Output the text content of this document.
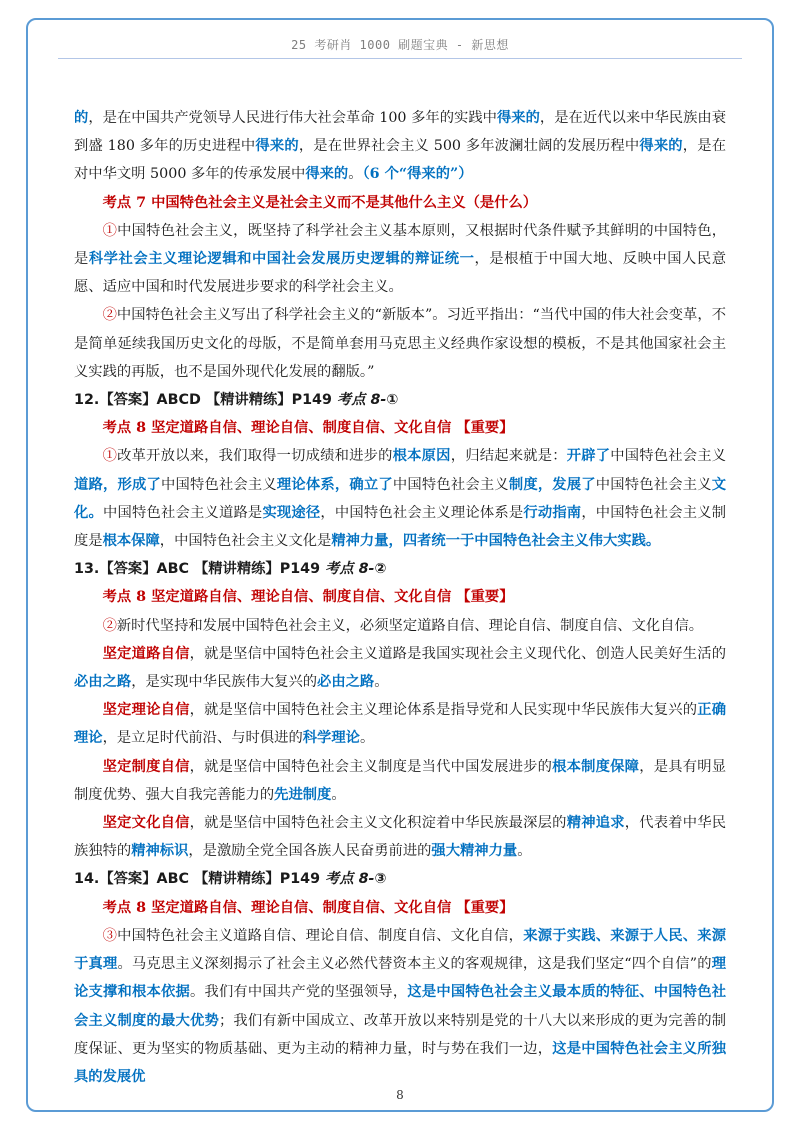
25 考研肖 1000 刷题宝典 - 新思想

的，是在中国共产党领导人民进行伟大社会革命 100 多年的实践中得来的，是在近代以来中华民族由衰到盛 180 多年的历史进程中得来的，是在世界社会主义 500 多年波澜壮阔的发展历程中得来的，是在对中华文明 5000 多年的传承发展中得来的。（6 个“得来的”）

考点 7 中国特色社会主义是社会主义而不是其他什么主义（是什么）

①中国特色社会主义，既坚持了科学社会主义基本原则，又根据时代条件赋予其鲜明的中国特色，是科学社会主义理论逻辑和中国社会发展历史逻辑的辩证统一，是根植于中国大地、反映中国人民意愿、适应中国和时代发展进步要求的科学社会主义。

②中国特色社会主义写出了科学社会主义的“新版本”。习近平指出：“当代中国的伟大社会变革，不是简单延续我国历史文化的母版，不是简单套用马克思主义经典作家设想的模板，不是其他国家社会主义实践的再版，也不是国外现代化发展的翻版。”

12.【答案】ABCD 【精讲精练】P149 考点 8-①

考点 8 坚定道路自信、理论自信、制度自信、文化自信 【重要】

①改革开放以来，我们取得一切成绩和进步的根本原因，归结起来就是：开辟了中国特色社会主义道路，形成了中国特色社会主义理论体系，确立了中国特色社会主义制度，发展了中国特色社会主义文化。中国特色社会主义道路是实现途径，中国特色社会主义理论体系是行动指南，中国特色社会主义制度是根本保障，中国特色社会主义文化是精神力量，四者统一于中国特色社会主义伟大实践。

13.【答案】ABC 【精讲精练】P149 考点 8-②

考点 8 坚定道路自信、理论自信、制度自信、文化自信 【重要】

②新时代坚持和发展中国特色社会主义，必须坚定道路自信、理论自信、制度自信、文化自信。

坚定道路自信，就是坚信中国特色社会主义道路是我国实现社会主义现代化、创造人民美好生活的必由之路，是实现中华民族伟大复兴的必由之路。

坚定理论自信，就是坚信中国特色社会主义理论体系是指导党和人民实现中华民族伟大复兴的正确理论，是立足时代前沿、与时俱进的科学理论。

坚定制度自信，就是坚信中国特色社会主义制度是当代中国发展进步的根本制度保障，是具有明显制度优势、强大自我完善能力的先进制度。

坚定文化自信，就是坚信中国特色社会主义文化积淀着中华民族最深层的精神追求，代表着中华民族独特的精神标识，是激励全党全国各族人民奋勇前进的强大精神力量。

14.【答案】ABC 【精讲精练】P149 考点 8-③

考点 8 坚定道路自信、理论自信、制度自信、文化自信 【重要】

③中国特色社会主义道路自信、理论自信、制度自信、文化自信，来源于实践、来源于人民、来源于真理。马克思主义深刻揭示了社会主义必然代替资本主义的客观规律，这是我们坚定“四个自信”的理论支撑和根本依据。我们有中国共产党的坚强领导，这是中国特色社会主义最本质的特征、中国特色社会主义制度的最大优势；我们有新中国成立、改革开放以来特别是党的十八大以来形成的更为完善的制度保证、更为坚实的物质基础、更为主动的精神力量，时与势在我们一边，这是中国特色社会主义所独具的发展优

8
